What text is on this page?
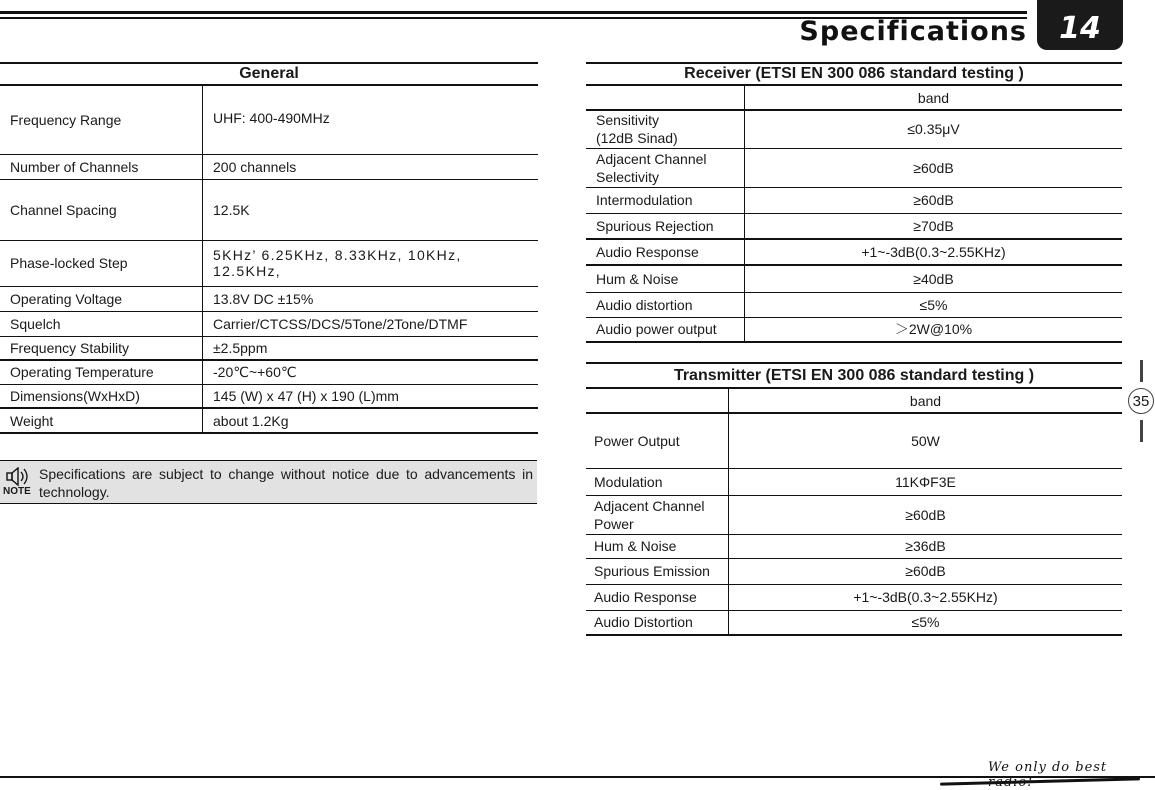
Specifications	14
General	
Frequency Range	UHF: 400-490MHz
Number of Channels	200 channels
Channel Spacing	12.5K
Phase-locked Step	5KHz’ 6.25KHz, 8.33KHz, 10KHz, 12.5KHz,
Operating Voltage	13.8V DC ±15%
Squelch	Carrier/CTCSS/DCS/5Tone/2Tone/DTMF
Frequency Stability	±2.5ppm
Operating Temperature	-20℃~+60℃
Dimensions(WxHxD)	145 (W) x 47 (H) x 190 (L)mm
Weight	about 1.2Kg
NOTE
Specifications are subject to change without notice due to advancements in technology.
Receiver (ETSI EN 300 086 standard testing )	
	band
Sensitivity
(12dB Sinad)	≤0.35μV
Adjacent Channel
Selectivity	≥60dB
Intermodulation	≥60dB
Spurious Rejection	≥70dB
Audio Response	+1~-3dB(0.3~2.55KHz)
Hum & Noise	≥40dB
Audio distortion	≤5%
Audio power output	＞2W@10%
Transmitter (ETSI EN 300 086 standard testing )	
	band
Power Output	50W
Modulation	11KΦF3E
Adjacent Channel
Power	≥60dB
Hum & Noise	≥36dB
Spurious Emission	≥60dB
Audio Response	+1~-3dB(0.3~2.55KHz)
Audio Distortion	≤5%
35
We only do best
